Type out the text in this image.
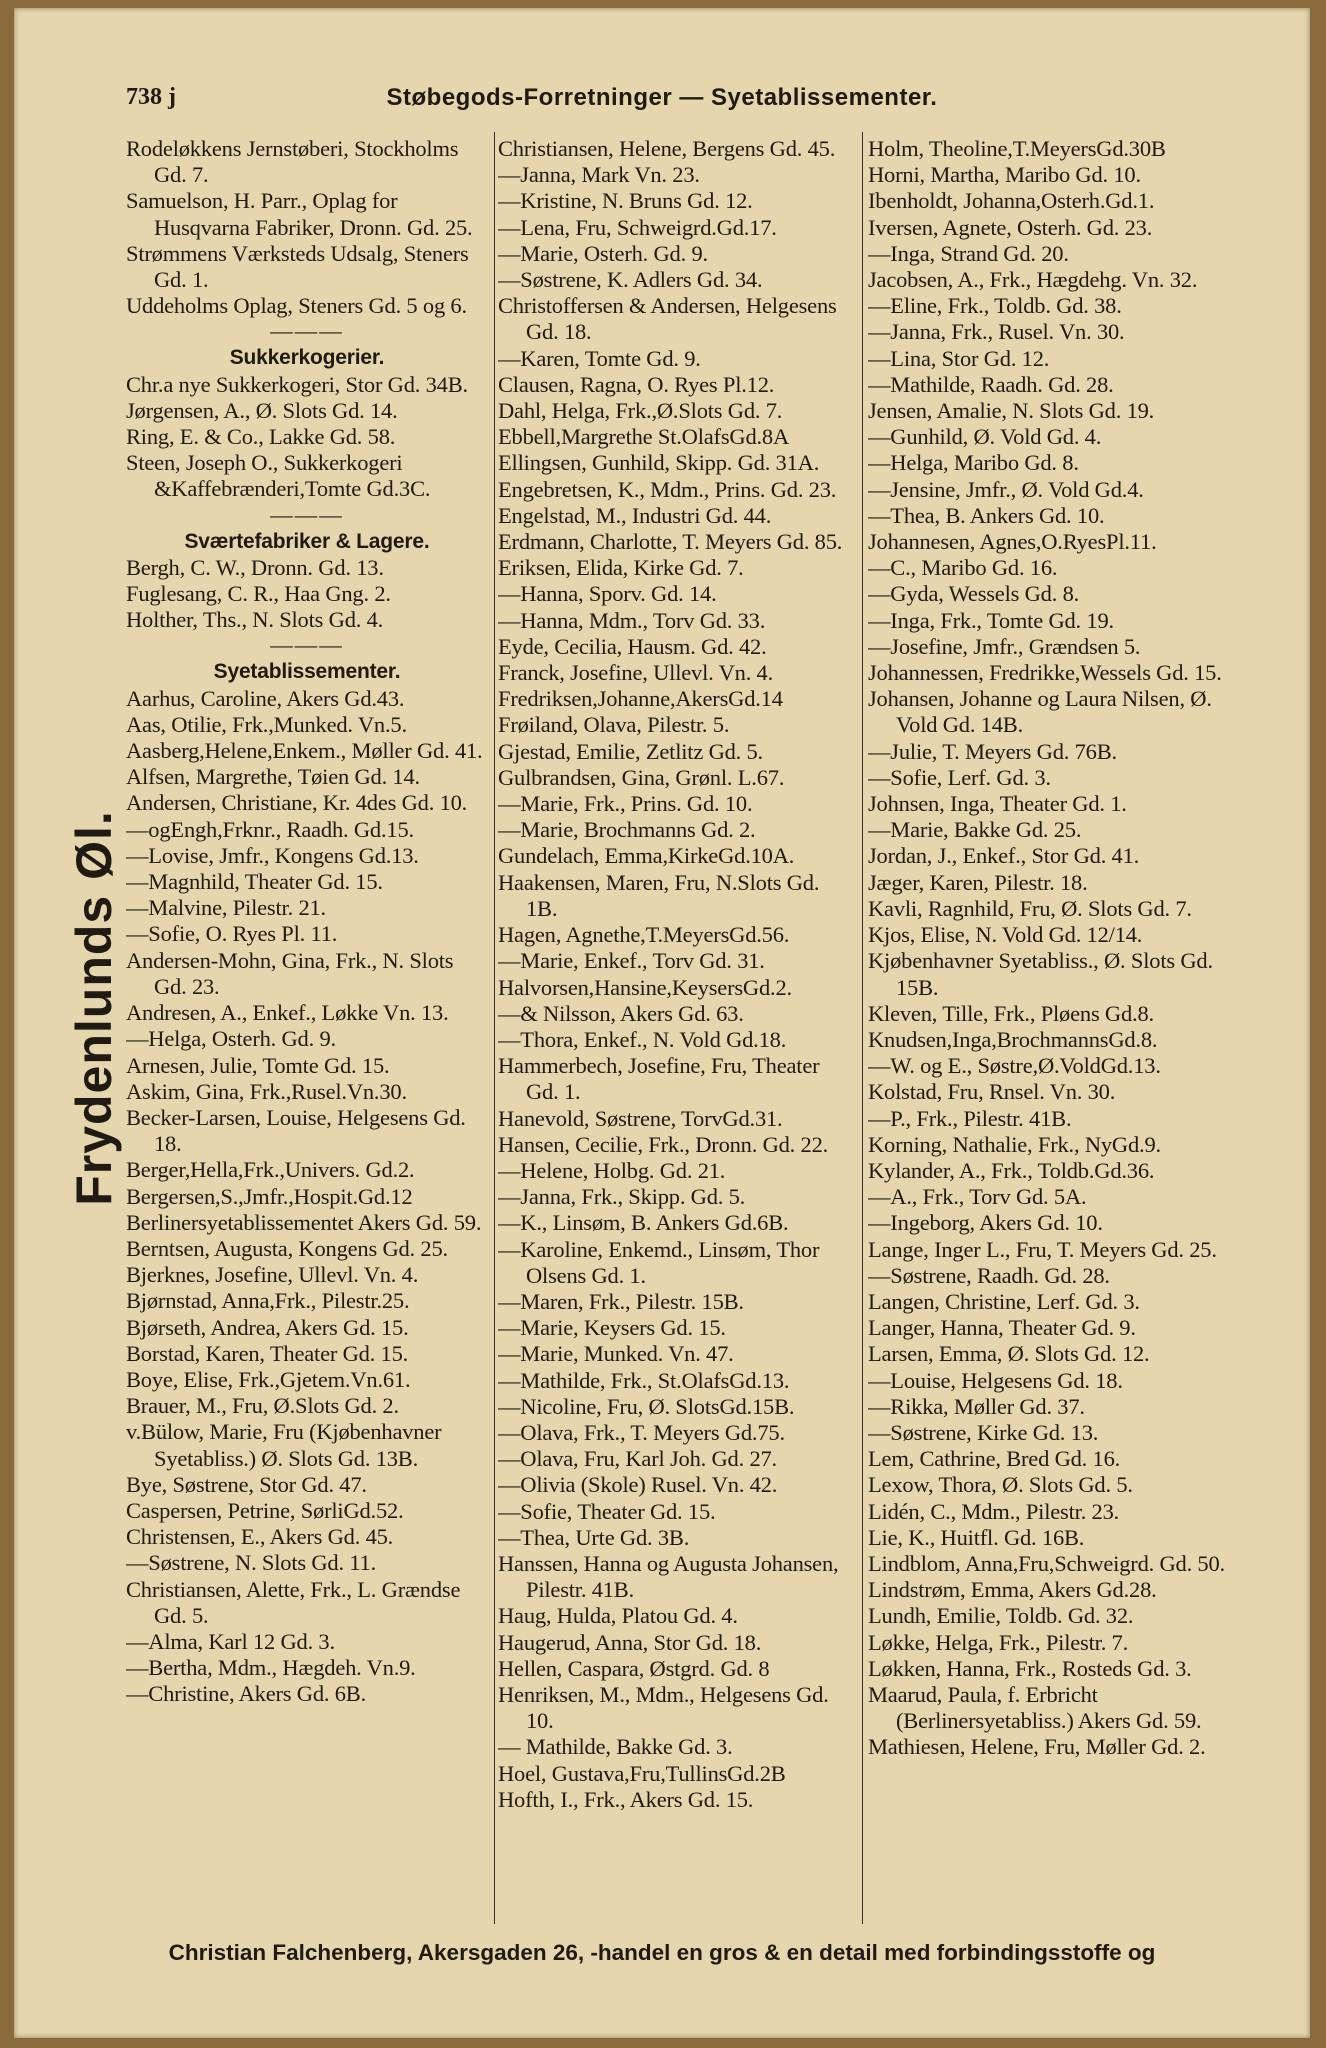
738 j	Støbegods-Forretninger — Syetablissementer.
Rodeløkkens Jernstøberi, Stockholms Gd. 7.
Samuelson, H. Parr., Oplag for Husqvarna Fabriker, Dronn. Gd. 25.
Strømmens Værksteds Udsalg, Steners Gd. 1.
Uddeholms Oplag, Steners Gd. 5 og 6.
———
Sukkerkogerier.
Chr.a nye Sukkerkogeri, Stor Gd. 34B.
Jørgensen, A., Ø. Slots Gd. 14.
Ring, E. & Co., Lakke Gd. 58.
Steen, Joseph O., Sukkerkogeri &Kaffebrænderi,Tomte Gd.3C.
———
Sværtefabriker & Lagere.
Bergh, C. W., Dronn. Gd. 13.
Fuglesang, C. R., Haa Gng. 2.
Holther, Ths., N. Slots Gd. 4.
———
Syetablissementer.
Aarhus, Caroline, Akers Gd.43.
Aas, Otilie, Frk.,Munked. Vn.5.
Aasberg,Helene,Enkem., Møller Gd. 41.
Alfsen, Margrethe, Tøien Gd. 14.
Andersen, Christiane, Kr. 4des Gd. 10.
—ogEngh,Frknr., Raadh. Gd.15.
—Lovise, Jmfr., Kongens Gd.13.
—Magnhild, Theater Gd. 15.
—Malvine, Pilestr. 21.
—Sofie, O. Ryes Pl. 11.
Andersen-Mohn, Gina, Frk., N. Slots Gd. 23.
Andresen, A., Enkef., Løkke Vn. 13.
—Helga, Osterh. Gd. 9.
Arnesen, Julie, Tomte Gd. 15.
Askim, Gina, Frk.,Rusel.Vn.30.
Becker-Larsen, Louise, Helgesens Gd. 18.
Berger,Hella,Frk.,Univers. Gd.2.
Bergersen,S.,Jmfr.,Hospit.Gd.12
Berlinersyetablissementet Akers Gd. 59.
Berntsen, Augusta, Kongens Gd. 25.
Bjerknes, Josefine, Ullevl. Vn. 4.
Bjørnstad, Anna,Frk., Pilestr.25.
Bjørseth, Andrea, Akers Gd. 15.
Borstad, Karen, Theater Gd. 15.
Boye, Elise, Frk.,Gjetem.Vn.61.
Brauer, M., Fru, Ø.Slots Gd. 2.
v.Bülow, Marie, Fru (Kjøbenhavner Syetabliss.) Ø. Slots Gd. 13B.
Bye, Søstrene, Stor Gd. 47.
Caspersen, Petrine, SørliGd.52.
Christensen, E., Akers Gd. 45.
—Søstrene, N. Slots Gd. 11.
Christiansen, Alette, Frk., L. Grændse Gd. 5.
—Alma, Karl 12 Gd. 3.
—Bertha, Mdm., Hægdeh. Vn.9.
—Christine, Akers Gd. 6B.
Christiansen, Helene, Bergens Gd. 45.
—Janna, Mark Vn. 23.
—Kristine, N. Bruns Gd. 12.
—Lena, Fru, Schweigrd.Gd.17.
—Marie, Osterh. Gd. 9.
—Søstrene, K. Adlers Gd. 34.
Christoffersen & Andersen, Helgesens Gd. 18.
—Karen, Tomte Gd. 9.
Clausen, Ragna, O. Ryes Pl.12.
Dahl, Helga, Frk.,Ø.Slots Gd. 7.
Ebbell,Margrethe St.OlafsGd.8A
Ellingsen, Gunhild, Skipp. Gd. 31A.
Engebretsen, K., Mdm., Prins. Gd. 23.
Engelstad, M., Industri Gd. 44.
Erdmann, Charlotte, T. Meyers Gd. 85.
Eriksen, Elida, Kirke Gd. 7.
—Hanna, Sporv. Gd. 14.
—Hanna, Mdm., Torv Gd. 33.
Eyde, Cecilia, Hausm. Gd. 42.
Franck, Josefine, Ullevl. Vn. 4.
Fredriksen,Johanne,AkersGd.14
Frøiland, Olava, Pilestr. 5.
Gjestad, Emilie, Zetlitz Gd. 5.
Gulbrandsen, Gina, Grønl. L.67.
—Marie, Frk., Prins. Gd. 10.
—Marie, Brochmanns Gd. 2.
Gundelach, Emma,KirkeGd.10A.
Haakensen, Maren, Fru, N.Slots Gd. 1B.
Hagen, Agnethe,T.MeyersGd.56.
—Marie, Enkef., Torv Gd. 31.
Halvorsen,Hansine,KeysersGd.2.
—& Nilsson, Akers Gd. 63.
—Thora, Enkef., N. Vold Gd.18.
Hammerbech, Josefine, Fru, Theater Gd. 1.
Hanevold, Søstrene, TorvGd.31.
Hansen, Cecilie, Frk., Dronn. Gd. 22.
—Helene, Holbg. Gd. 21.
—Janna, Frk., Skipp. Gd. 5.
—K., Linsøm, B. Ankers Gd.6B.
—Karoline, Enkemd., Linsøm, Thor Olsens Gd. 1.
—Maren, Frk., Pilestr. 15B.
—Marie, Keysers Gd. 15.
—Marie, Munked. Vn. 47.
—Mathilde, Frk., St.OlafsGd.13.
—Nicoline, Fru, Ø. SlotsGd.15B.
—Olava, Frk., T. Meyers Gd.75.
—Olava, Fru, Karl Joh. Gd. 27.
—Olivia (Skole) Rusel. Vn. 42.
—Sofie, Theater Gd. 15.
—Thea, Urte Gd. 3B.
Hanssen, Hanna og Augusta Johansen, Pilestr. 41B.
Haug, Hulda, Platou Gd. 4.
Haugerud, Anna, Stor Gd. 18.
Hellen, Caspara, Østgrd. Gd. 8
Henriksen, M., Mdm., Helgesens Gd. 10.
— Mathilde, Bakke Gd. 3.
Hoel, Gustava,Fru,TullinsGd.2B
Hofth, I., Frk., Akers Gd. 15.
Holm, Theoline,T.MeyersGd.30B
Horni, Martha, Maribo Gd. 10.
Ibenholdt, Johanna,Osterh.Gd.1.
Iversen, Agnete, Osterh. Gd. 23.
—Inga, Strand Gd. 20.
Jacobsen, A., Frk., Hægdehg. Vn. 32.
—Eline, Frk., Toldb. Gd. 38.
—Janna, Frk., Rusel. Vn. 30.
—Lina, Stor Gd. 12.
—Mathilde, Raadh. Gd. 28.
Jensen, Amalie, N. Slots Gd. 19.
—Gunhild, Ø. Vold Gd. 4.
—Helga, Maribo Gd. 8.
—Jensine, Jmfr., Ø. Vold Gd.4.
—Thea, B. Ankers Gd. 10.
Johannesen, Agnes,O.RyesPl.11.
—C., Maribo Gd. 16.
—Gyda, Wessels Gd. 8.
—Inga, Frk., Tomte Gd. 19.
—Josefine, Jmfr., Grændsen 5.
Johannessen, Fredrikke,Wessels Gd. 15.
Johansen, Johanne og Laura Nilsen, Ø. Vold Gd. 14B.
—Julie, T. Meyers Gd. 76B.
—Sofie, Lerf. Gd. 3.
Johnsen, Inga, Theater Gd. 1.
—Marie, Bakke Gd. 25.
Jordan, J., Enkef., Stor Gd. 41.
Jæger, Karen, Pilestr. 18.
Kavli, Ragnhild, Fru, Ø. Slots Gd. 7.
Kjos, Elise, N. Vold Gd. 12/14.
Kjøbenhavner Syetabliss., Ø. Slots Gd. 15B.
Kleven, Tille, Frk., Pløens Gd.8.
Knudsen,Inga,BrochmannsGd.8.
—W. og E., Søstre,Ø.VoldGd.13.
Kolstad, Fru, Rnsel. Vn. 30.
—P., Frk., Pilestr. 41B.
Korning, Nathalie, Frk., NyGd.9.
Kylander, A., Frk., Toldb.Gd.36.
—A., Frk., Torv Gd. 5A.
—Ingeborg, Akers Gd. 10.
Lange, Inger L., Fru, T. Meyers Gd. 25.
—Søstrene, Raadh. Gd. 28.
Langen, Christine, Lerf. Gd. 3.
Langer, Hanna, Theater Gd. 9.
Larsen, Emma, Ø. Slots Gd. 12.
—Louise, Helgesens Gd. 18.
—Rikka, Møller Gd. 37.
—Søstrene, Kirke Gd. 13.
Lem, Cathrine, Bred Gd. 16.
Lexow, Thora, Ø. Slots Gd. 5.
Lidén, C., Mdm., Pilestr. 23.
Lie, K., Huitfl. Gd. 16B.
Lindblom, Anna,Fru,Schweigrd. Gd. 50.
Lindstrøm, Emma, Akers Gd.28.
Lundh, Emilie, Toldb. Gd. 32.
Løkke, Helga, Frk., Pilestr. 7.
Løkken, Hanna, Frk., Rosteds Gd. 3.
Maarud, Paula, f. Erbricht (Berlinersyetabliss.) Akers Gd. 59.
Mathiesen, Helene, Fru, Møller Gd. 2.
Frydenlunds Øl.
Christian Falchenberg, Akersgaden 26, -handel en gros & en detail med forbindingsstoffe og
